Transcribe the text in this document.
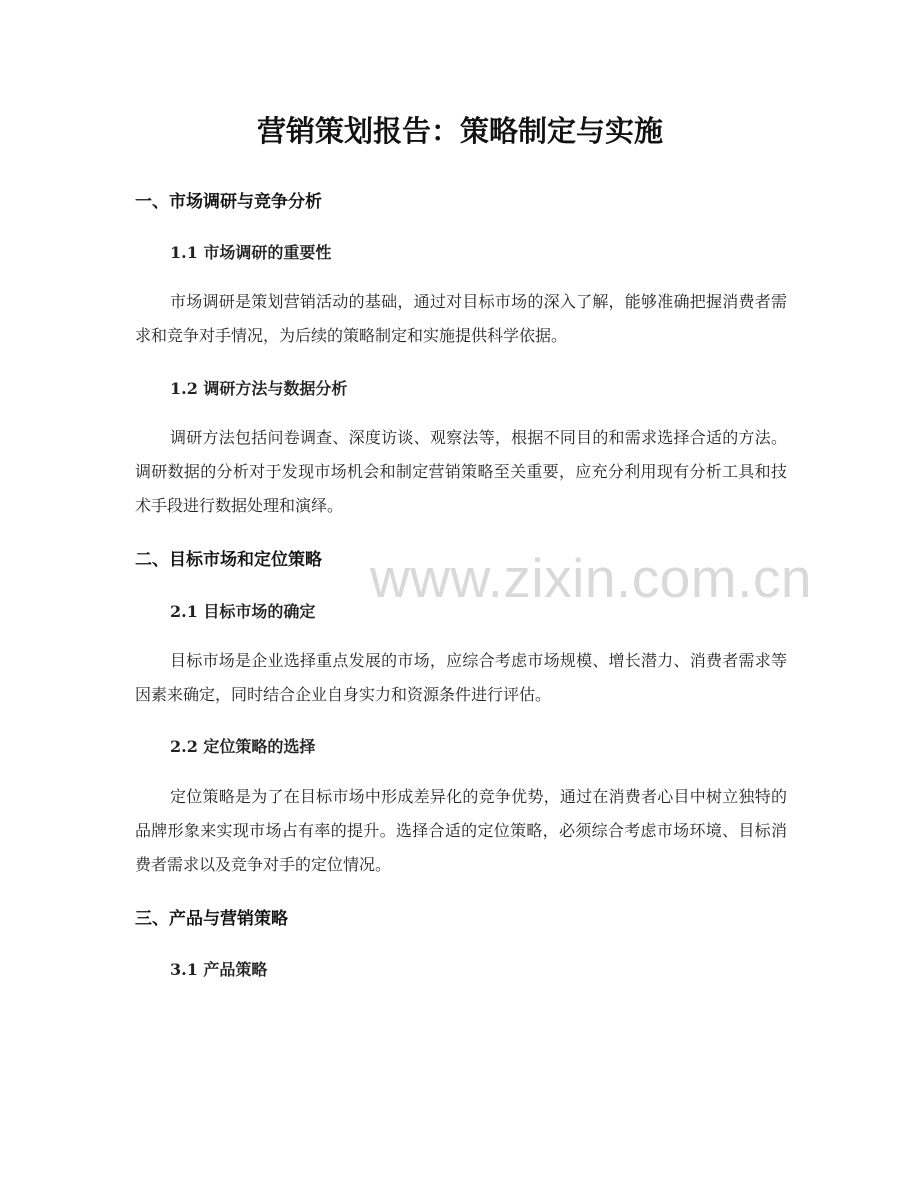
营销策划报告：策略制定与实施
www.zixin.com.cn
一、市场调研与竞争分析
1.1 市场调研的重要性

市场调研是策划营销活动的基础，通过对目标市场的深入了解，能够准确把握消费者需求和竞争对手情况，为后续的策略制定和实施提供科学依据。

1.2 调研方法与数据分析

调研方法包括问卷调查、深度访谈、观察法等，根据不同目的和需求选择合适的方法。调研数据的分析对于发现市场机会和制定营销策略至关重要，应充分利用现有分析工具和技术手段进行数据处理和演绎。

二、目标市场和定位策略
2.1 目标市场的确定

目标市场是企业选择重点发展的市场，应综合考虑市场规模、增长潜力、消费者需求等因素来确定，同时结合企业自身实力和资源条件进行评估。

2.2 定位策略的选择

定位策略是为了在目标市场中形成差异化的竞争优势，通过在消费者心目中树立独特的品牌形象来实现市场占有率的提升。选择合适的定位策略，必须综合考虑市场环境、目标消费者需求以及竞争对手的定位情况。

三、产品与营销策略
3.1 产品策略
